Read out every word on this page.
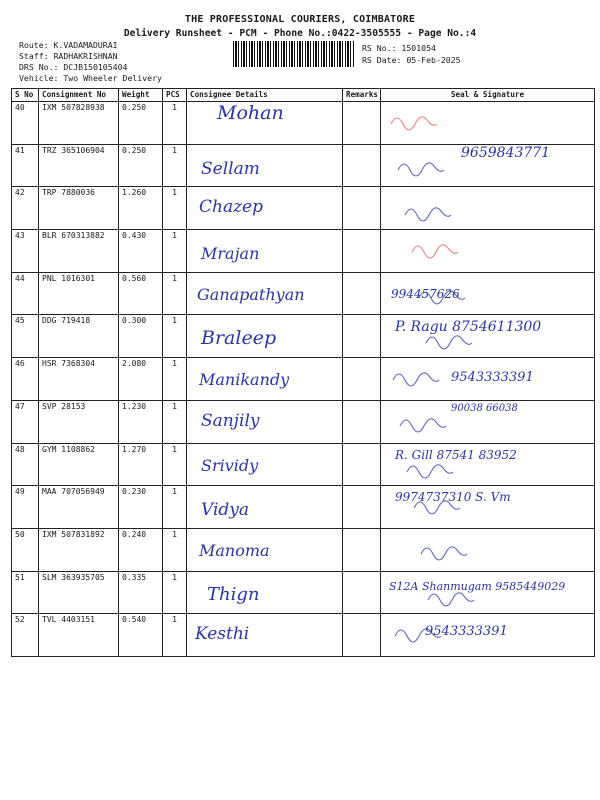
THE PROFESSIONAL COURIERS, COIMBATORE
Delivery Runsheet - PCM - Phone No.:0422-3505555 - Page No.:4
Route: K.VADAMADURAI
Staff: RADHAKRISHNAN
DRS No.: DCJB150105404
Vehicle: Two Wheeler Delivery
RS No.: 1501054
RS Date: 05-Feb-2025
S No	Consignment No	Weight	PCS	Consignee Details	Remarks	Seal & Signature
40	IXM 507828938	0.250	1	Mohan

41	TRZ 365106904	0.250	1	Sellam		9659843771

42	TRP 7880036	1.260	1	Chazep

43	BLR 670313882	0.430	1	Mrajan

44	PNL 1016301	0.560	1	Ganapathyan		994457626

45	DDG 719418	0.300	1	Braleep		P. Ragu 8754611300

46	HSR 7368304	2.080	1	Manikandy		9543333391

47	SVP 28153	1.230	1	Sanjily		90038 66038

48	GYM 1108862	1.270	1	Srividy		R. Gill 87541 83952

49	MAA 707056949	0.230	1	Vidya		9974737310 S. Vm

50	IXM 507831892	0.240	1	Manoma

51	SLM 363935705	0.335	1	Thign		S12A Shanmugam 9585449029

52	TVL 4403151	0.540	1	Kesthi		9543333391
